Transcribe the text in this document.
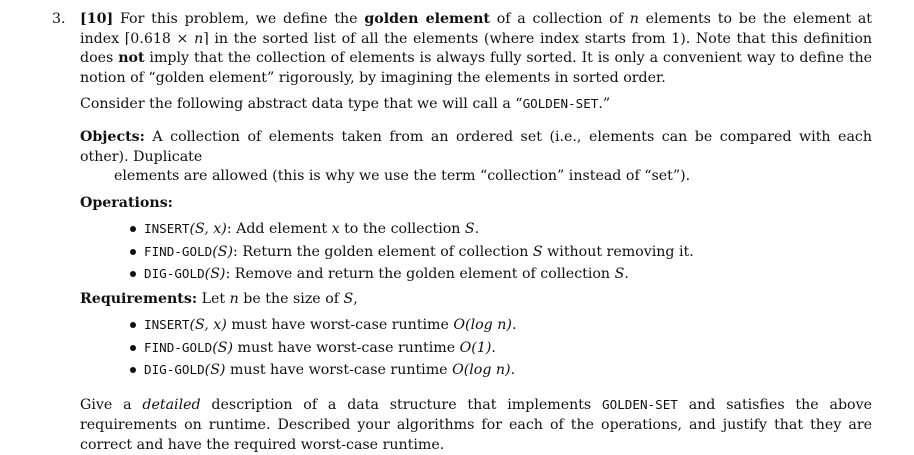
3.	[10] For this problem, we define the golden element of a collection of n elements to be the element at index ⌈0.618 × n⌉ in the sorted list of all the elements (where index starts from 1). Note that this definition does not imply that the collection of elements is always fully sorted. It is only a convenient way to define the notion of “golden element” rigorously, by imagining the elements in sorted order.

Consider the following abstract data type that we will call a “GOLDEN-SET.”

Objects: A collection of elements taken from an ordered set (i.e., elements can be compared with each other). Duplicate

elements are allowed (this is why we use the term “collection” instead of “set”).

Operations:

INSERT(S, x): Add element x to the collection S.
FIND-GOLD(S): Return the golden element of collection S without removing it.
DIG-GOLD(S): Remove and return the golden element of collection S.

Requirements: Let n be the size of S,

INSERT(S, x) must have worst-case runtime O(log n).
FIND-GOLD(S) must have worst-case runtime O(1).
DIG-GOLD(S) must have worst-case runtime O(log n).

Give a detailed description of a data structure that implements GOLDEN-SET and satisfies the above requirements on runtime. Described your algorithms for each of the operations, and justify that they are correct and have the required worst-case runtime.
